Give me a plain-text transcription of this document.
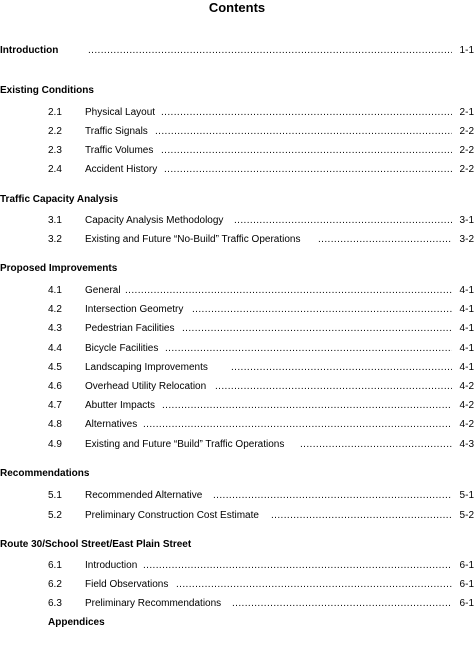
Contents
Introduction .....	1-1
Existing Conditions
2.1 Physical Layout .....	2-1
2.2 Traffic Signals .....	2-2
2.3 Traffic Volumes .....	2-2
2.4 Accident History .....	2-2
Traffic Capacity Analysis
3.1 Capacity Analysis Methodology .....	3-1
3.2 Existing and Future “No-Build” Traffic Operations .....	3-2
Proposed Improvements
4.1 General .....	4-1
4.2 Intersection Geometry .....	4-1
4.3 Pedestrian Facilities .....	4-1
4.4 Bicycle Facilities .....	4-1
4.5 Landscaping Improvements .....	4-1
4.6 Overhead Utility Relocation .....	4-2
4.7 Abutter Impacts .....	4-2
4.8 Alternatives .....	4-2
4.9 Existing and Future “Build” Traffic Operations .....	4-3
Recommendations
5.1 Recommended Alternative .....	5-1
5.2 Preliminary Construction Cost Estimate .....	5-2
Route 30/School Street/East Plain Street
6.1 Introduction .....	6-1
6.2 Field Observations .....	6-1
6.3 Preliminary Recommendations .....	6-1
Appendices
